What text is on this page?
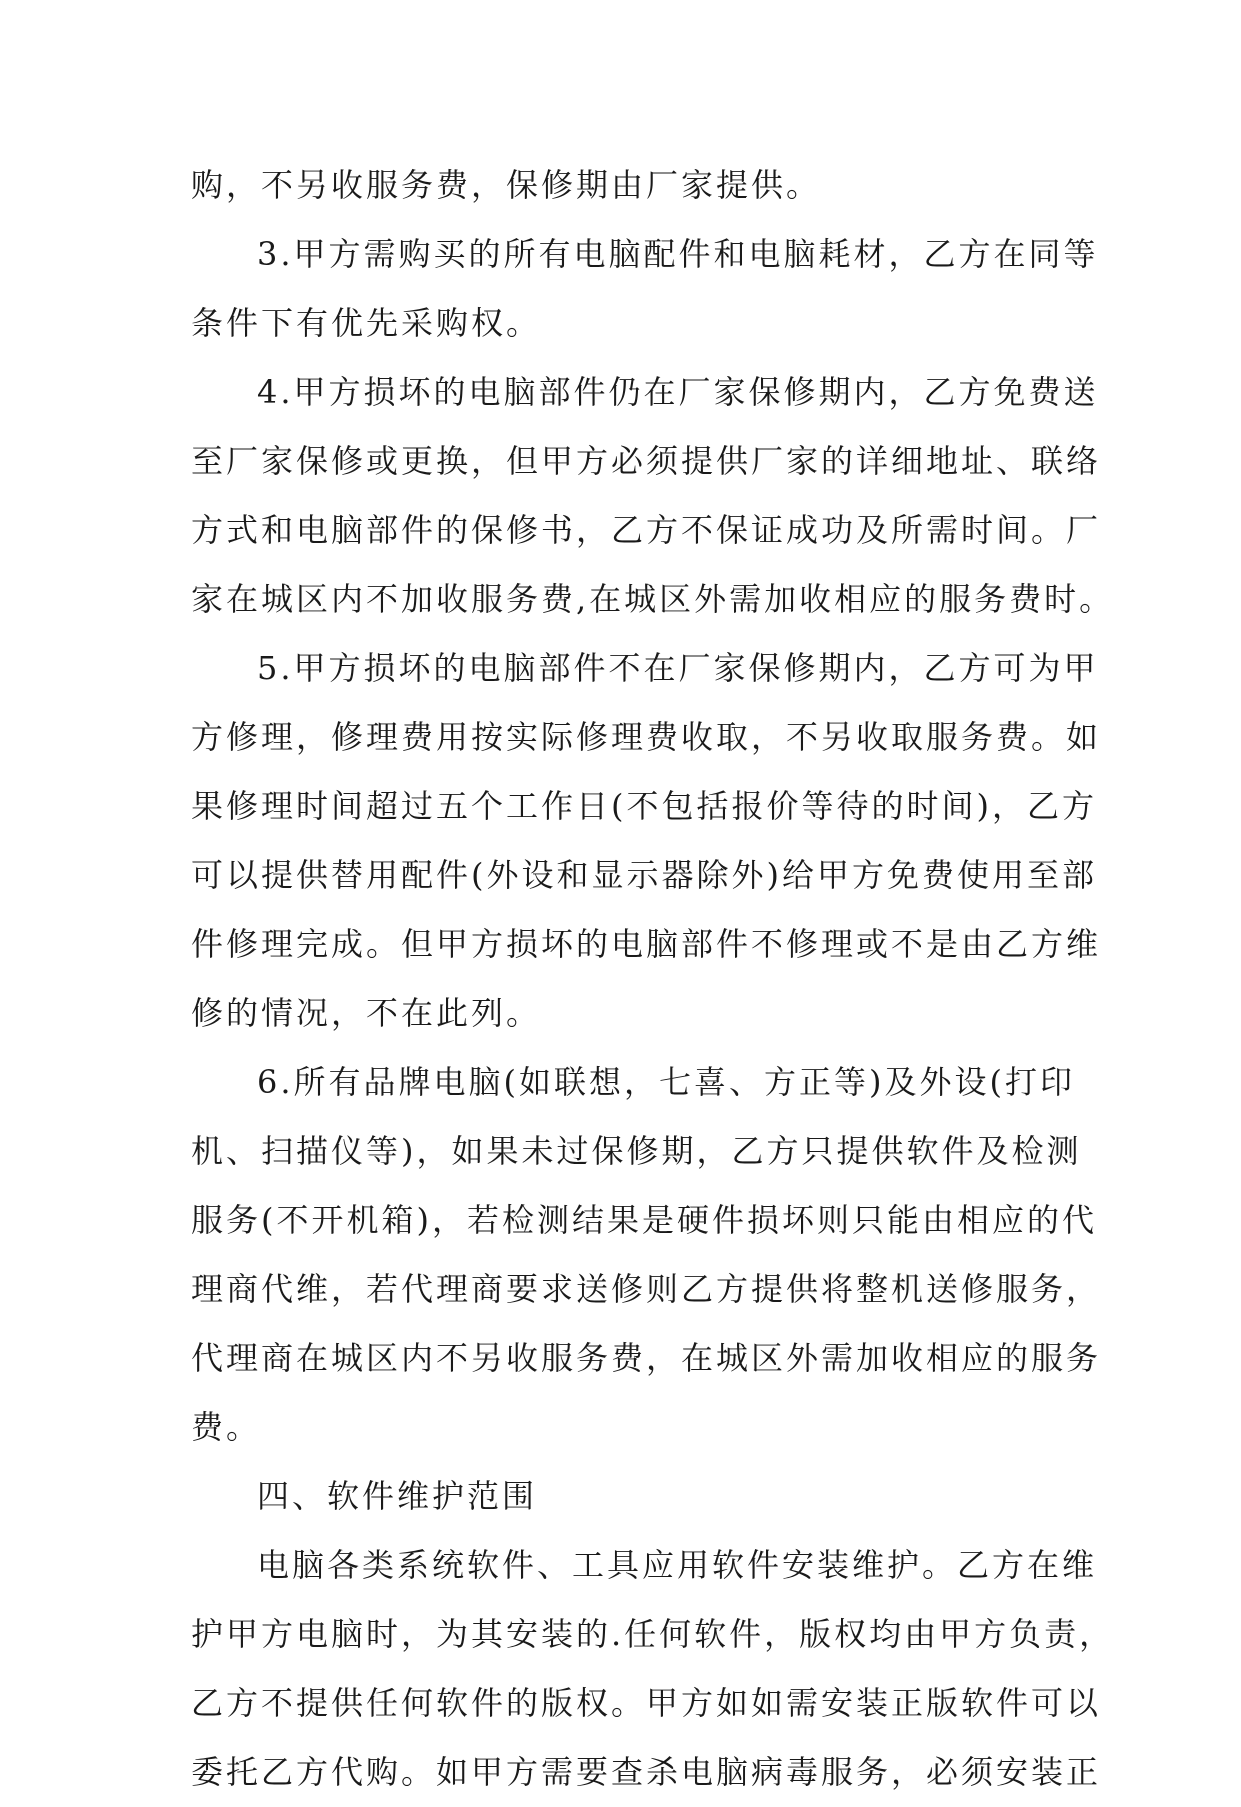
购，不另收服务费，保修期由厂家提供。
3.甲方需购买的所有电脑配件和电脑耗材，乙方在同等
条件下有优先采购权。
4.甲方损坏的电脑部件仍在厂家保修期内，乙方免费送
至厂家保修或更换，但甲方必须提供厂家的详细地址、联络
方式和电脑部件的保修书，乙方不保证成功及所需时间。厂
家在城区内不加收服务费,在城区外需加收相应的服务费时。
5.甲方损坏的电脑部件不在厂家保修期内，乙方可为甲
方修理，修理费用按实际修理费收取，不另收取服务费。如
果修理时间超过五个工作日(不包括报价等待的时间)，乙方
可以提供替用配件(外设和显示器除外)给甲方免费使用至部
件修理完成。但甲方损坏的电脑部件不修理或不是由乙方维
修的情况，不在此列。
6.所有品牌电脑(如联想，七喜、方正等)及外设(打印
机、扫描仪等)，如果未过保修期，乙方只提供软件及检测
服务(不开机箱)，若检测结果是硬件损坏则只能由相应的代
理商代维，若代理商要求送修则乙方提供将整机送修服务，
代理商在城区内不另收服务费，在城区外需加收相应的服务
费。
四、软件维护范围
电脑各类系统软件、工具应用软件安装维护。乙方在维
护甲方电脑时，为其安装的.任何软件，版权均由甲方负责，
乙方不提供任何软件的版权。甲方如如需安装正版软件可以
委托乙方代购。如甲方需要查杀电脑病毒服务，必须安装正
